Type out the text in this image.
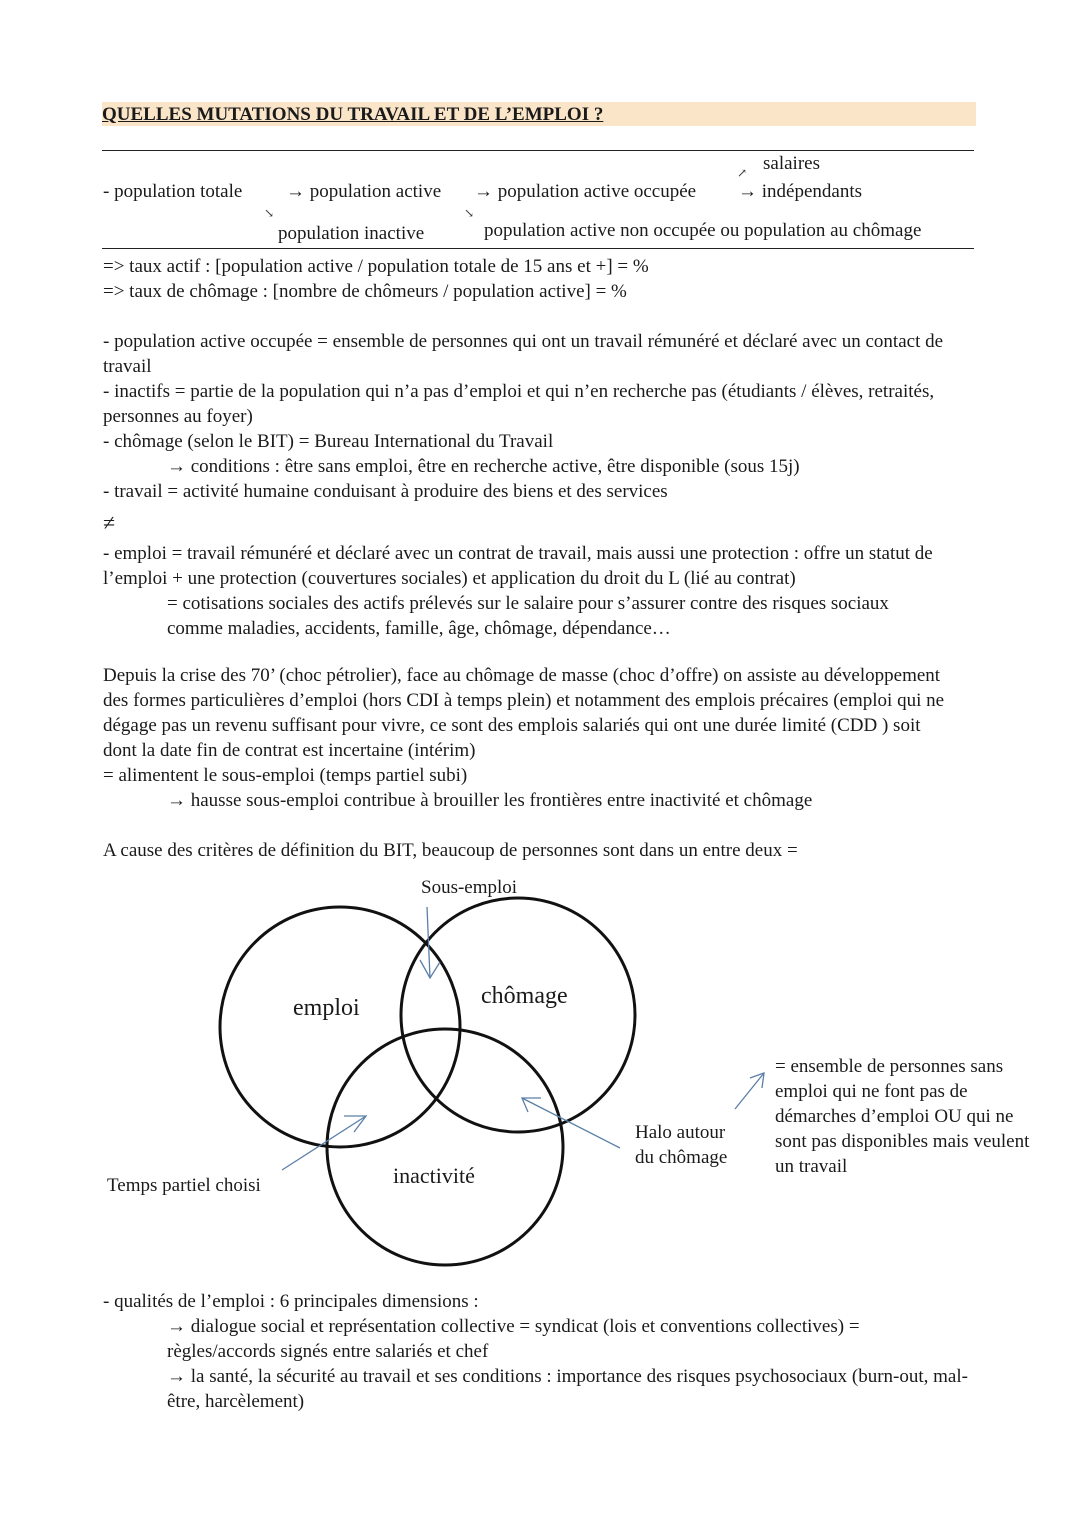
QUELLES MUTATIONS DU TRAVAIL ET DE L’EMPLOI ?
salaires
↗
- population totale → population active → population active occupée → indépendants
↘	↘
population inactive	population active non occupée ou population au chômage
=> taux actif : [population active / population totale de 15 ans et +] = %
=> taux de chômage : [nombre de chômeurs / population active] = %

- population active occupée = ensemble de personnes qui ont un travail rémunéré et déclaré avec un contact de travail

- inactifs = partie de la population qui n’a pas d’emploi et qui n’en recherche pas (étudiants / élèves, retraités, personnes au foyer)

- chômage (selon le BIT) = Bureau International du Travail

→ conditions : être sans emploi, être en recherche active, être disponible (sous 15j)

- travail = activité humaine conduisant à produire des biens et des services

≠

- emploi = travail rémunéré et déclaré avec un contrat de travail, mais aussi une protection : offre un statut de l’emploi + une protection (couvertures sociales) et application du droit du L (lié au contrat)

= cotisations sociales des actifs prélevés sur le salaire pour s’assurer contre des risques sociaux comme maladies, accidents, famille, âge, chômage, dépendance…

Depuis la crise des 70’ (choc pétrolier), face au chômage de masse (choc d’offre) on assiste au développement des formes particulières d’emploi (hors CDI à temps plein) et notamment des emplois précaires (emploi qui ne dégage pas un revenu suffisant pour vivre, ce sont des emplois salariés qui ont une durée limité (CDD ) soit dont la date fin de contrat est incertaine (intérim)

= alimentent le sous-emploi (temps partiel subi)

→ hausse sous-emploi contribue à brouiller les frontières entre inactivité et chômage

A cause des critères de définition du BIT, beaucoup de personnes sont dans un entre deux =
Sous-emploi
emploi	chômage
inactivité
Temps partiel choisi
Halo autour
du chômage
= ensemble de personnes sans
emploi qui ne font pas de
démarches d’emploi OU qui ne
sont pas disponibles mais veulent
un travail

- qualités de l’emploi : 6 principales dimensions :

→ dialogue social et représentation collective = syndicat (lois et conventions collectives) = règles/accords signés entre salariés et chef

→ la santé, la sécurité au travail et ses conditions : importance des risques psychosociaux (burn-out, mal-être, harcèlement)
